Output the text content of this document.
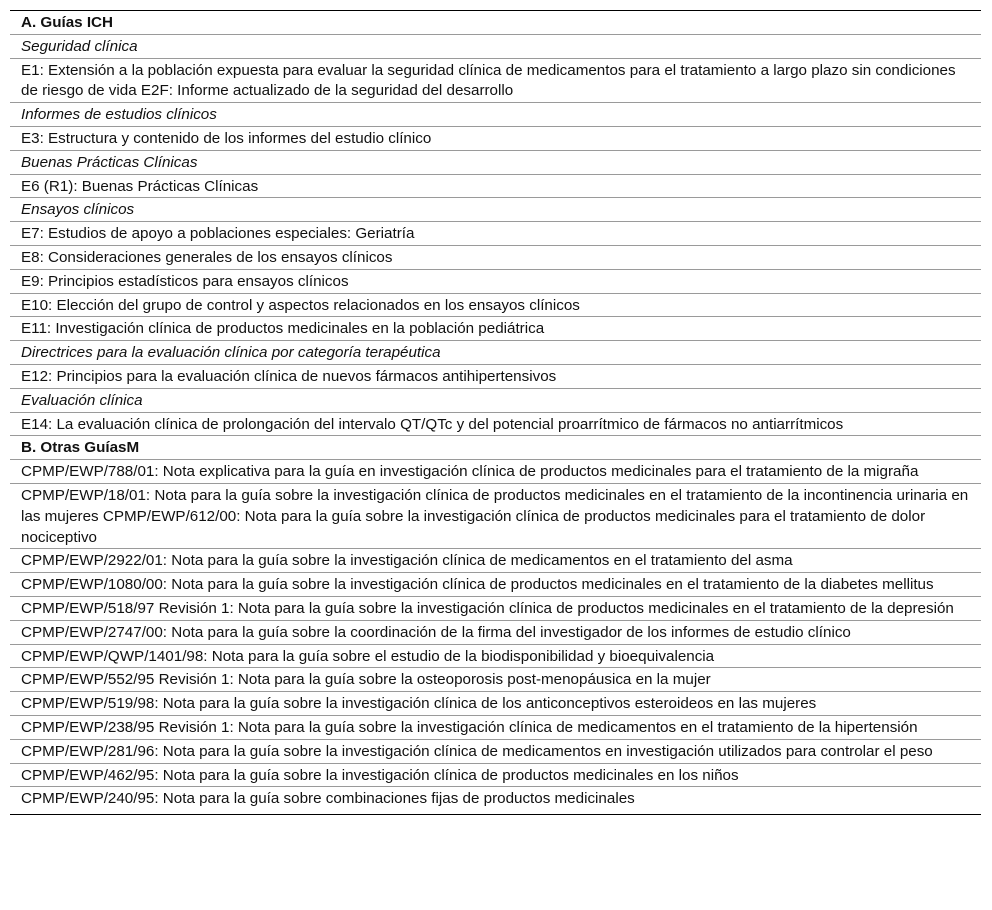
A. Guías ICH
Seguridad clínica
E1: Extensión a la población expuesta para evaluar la seguridad clínica de medicamentos para el tratamiento a largo plazo sin condiciones de riesgo de vida E2F: Informe actualizado de la seguridad del desarrollo
Informes de estudios clínicos
E3: Estructura y contenido de los informes del estudio clínico
Buenas Prácticas Clínicas
E6 (R1): Buenas Prácticas Clínicas
Ensayos clínicos
E7: Estudios de apoyo a poblaciones especiales: Geriatría
E8: Consideraciones generales de los ensayos clínicos
E9: Principios estadísticos para ensayos clínicos
E10: Elección del grupo de control y aspectos relacionados en los ensayos clínicos
E11: Investigación clínica de productos medicinales en la población pediátrica
Directrices para la evaluación clínica por categoría terapéutica
E12: Principios para la evaluación clínica de nuevos fármacos antihipertensivos
Evaluación clínica
E14: La evaluación clínica de prolongación del intervalo QT/QTc y del potencial proarrítmico de fármacos no antiarrítmicos
B. Otras GuíasM
CPMP/EWP/788/01: Nota explicativa para la guía en investigación clínica de productos medicinales para el tratamiento de la migraña
CPMP/EWP/18/01: Nota para la guía sobre la investigación clínica de productos medicinales en el tratamiento de la incontinencia urinaria en las mujeres CPMP/EWP/612/00: Nota para la guía sobre la investigación clínica de productos medicinales para el tratamiento de dolor nociceptivo
CPMP/EWP/2922/01: Nota para la guía sobre la investigación clínica de medicamentos en el tratamiento del asma
CPMP/EWP/1080/00: Nota para la guía sobre la investigación clínica de productos medicinales en el tratamiento de la diabetes mellitus
CPMP/EWP/518/97 Revisión 1: Nota para la guía sobre la investigación clínica de productos medicinales en el tratamiento de la depresión
CPMP/EWP/2747/00: Nota para la guía sobre la coordinación de la firma del investigador de los informes de estudio clínico
CPMP/EWP/QWP/1401/98: Nota para la guía sobre el estudio de la biodisponibilidad y bioequivalencia
CPMP/EWP/552/95 Revisión 1: Nota para la guía sobre la osteoporosis post-menopáusica en la mujer
CPMP/EWP/519/98: Nota para la guía sobre la investigación clínica de los anticonceptivos esteroideos en las mujeres
CPMP/EWP/238/95 Revisión 1: Nota para la guía sobre la investigación clínica de medicamentos en el tratamiento de la hipertensión
CPMP/EWP/281/96: Nota para la guía sobre la investigación clínica de medicamentos en investigación utilizados para controlar el peso
CPMP/EWP/462/95: Nota para la guía sobre la investigación clínica de productos medicinales en los niños
CPMP/EWP/240/95: Nota para la guía sobre combinaciones fijas de productos medicinales
